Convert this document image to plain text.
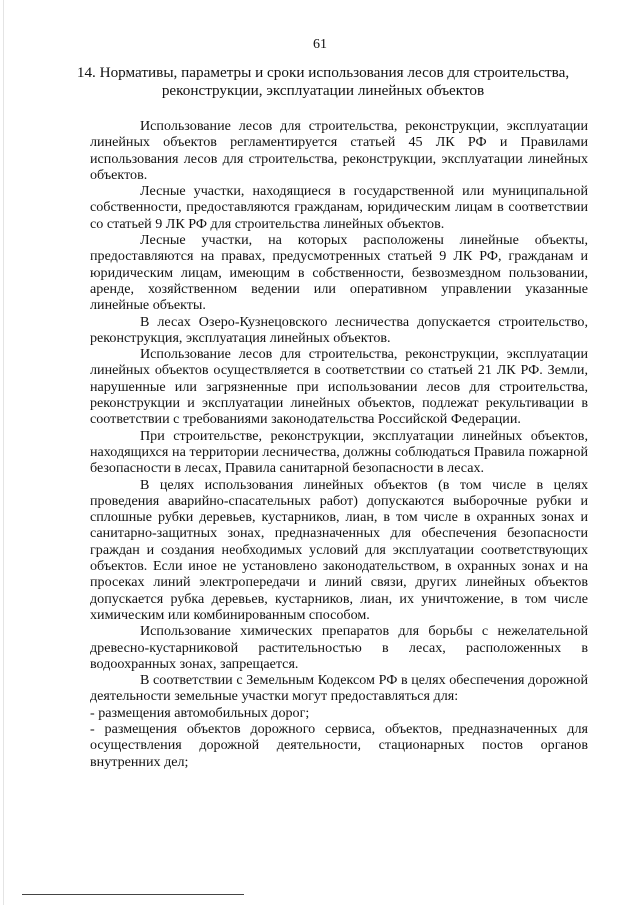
61
14. Нормативы, параметры и сроки использования лесов для строительства,
реконструкции, эксплуатации линейных объектов

Использование лесов для строительства, реконструкции, эксплуатации линейных объектов регламентируется статьей 45 ЛК РФ и Правилами использования лесов для строительства, реконструкции, эксплуатации линейных объектов.

Лесные участки, находящиеся в государственной или муниципальной собственности, предоставляются гражданам, юридическим лицам в соответствии со статьей 9 ЛК РФ для строительства линейных объектов.

Лесные участки, на которых расположены линейные объекты, предоставляются на правах, предусмотренных статьей 9 ЛК РФ, гражданам и юридическим лицам, имеющим в собственности, безвозмездном пользовании, аренде, хозяйственном ведении или оперативном управлении указанные линейные объекты.

В лесах Озеро-Кузнецовского лесничества допускается строительство, реконструкция, эксплуатация линейных объектов.

Использование лесов для строительства, реконструкции, эксплуатации линейных объектов осуществляется в соответствии со статьей 21 ЛК РФ. Земли, нарушенные или загрязненные при использовании лесов для строительства, реконструкции и эксплуатации линейных объектов, подлежат рекультивации в соответствии с требованиями законодательства Российской Федерации.

При строительстве, реконструкции, эксплуатации линейных объектов, находящихся на территории лесничества, должны соблюдаться Правила пожарной безопасности в лесах, Правила санитарной безопасности в лесах.

В целях использования линейных объектов (в том числе в целях проведения аварийно-спасательных работ) допускаются выборочные рубки и сплошные рубки деревьев, кустарников, лиан, в том числе в охранных зонах и санитарно-защитных зонах, предназначенных для обеспечения безопасности граждан и создания необходимых условий для эксплуатации соответствующих объектов. Если иное не установлено законодательством, в охранных зонах и на просеках линий электропередачи и линий связи, других линейных объектов допускается рубка деревьев, кустарников, лиан, их уничтожение, в том числе химическим или комбинированным способом.

Использование химических препаратов для борьбы с нежелательной древесно-кустарниковой растительностью в лесах, расположенных в водоохранных зонах, запрещается.

В соответствии с Земельным Кодексом РФ в целях обеспечения дорожной деятельности земельные участки могут предоставляться для:

- размещения автомобильных дорог;

- размещения объектов дорожного сервиса, объектов, предназначенных для осуществления дорожной деятельности, стационарных постов органов внутренних дел;
